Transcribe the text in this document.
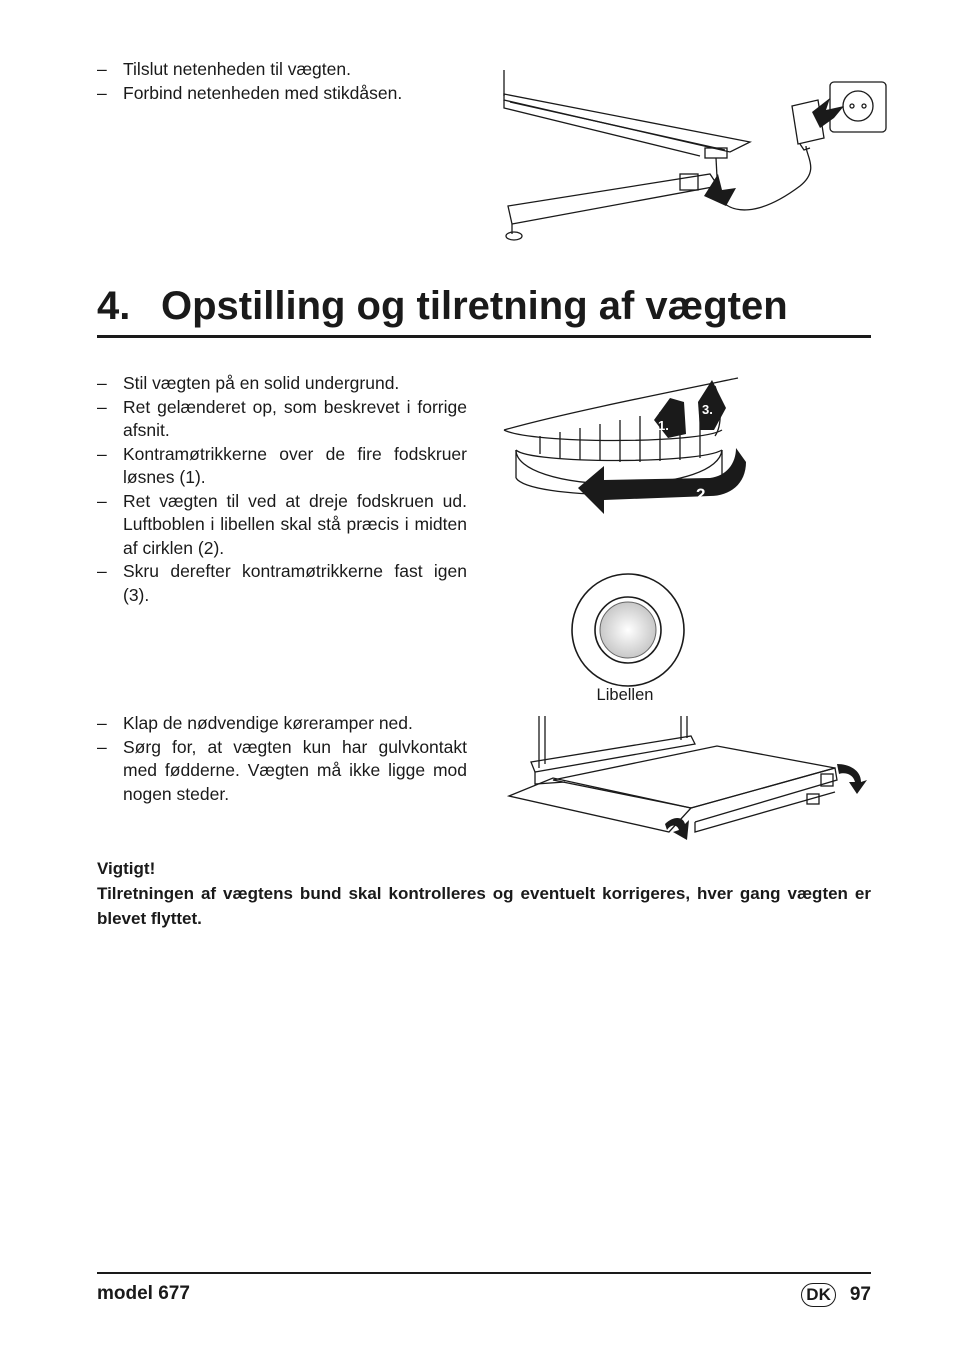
– Tilslut netenheden til vægten.
– Forbind netenheden med stikdåsen.
4. Opstilling og tilretning af vægten
– Stil vægten på en solid undergrund.
– Ret gelænderet op, som beskrevet i forrige afsnit.
– Kontramøtrikkerne over de fire fodskruer løsnes (1).
– Ret vægten til ved at dreje fodskruen ud. Luftboblen i libellen skal stå præcis i midten af cirklen (2).
– Skru derefter kontramøtrikkerne fast igen (3).
2.
1.
3.
Libellen
– Klap de nødvendige køreramper ned.
– Sørg for, at vægten kun har gulvkontakt med fødderne. Vægten må ikke ligge mod nogen steder.

Vigtigt!

Tilretningen af vægtens bund skal kontrolleres og eventuelt korrigeres, hver gang vægten er blevet flyttet.

model 677	DK 97
